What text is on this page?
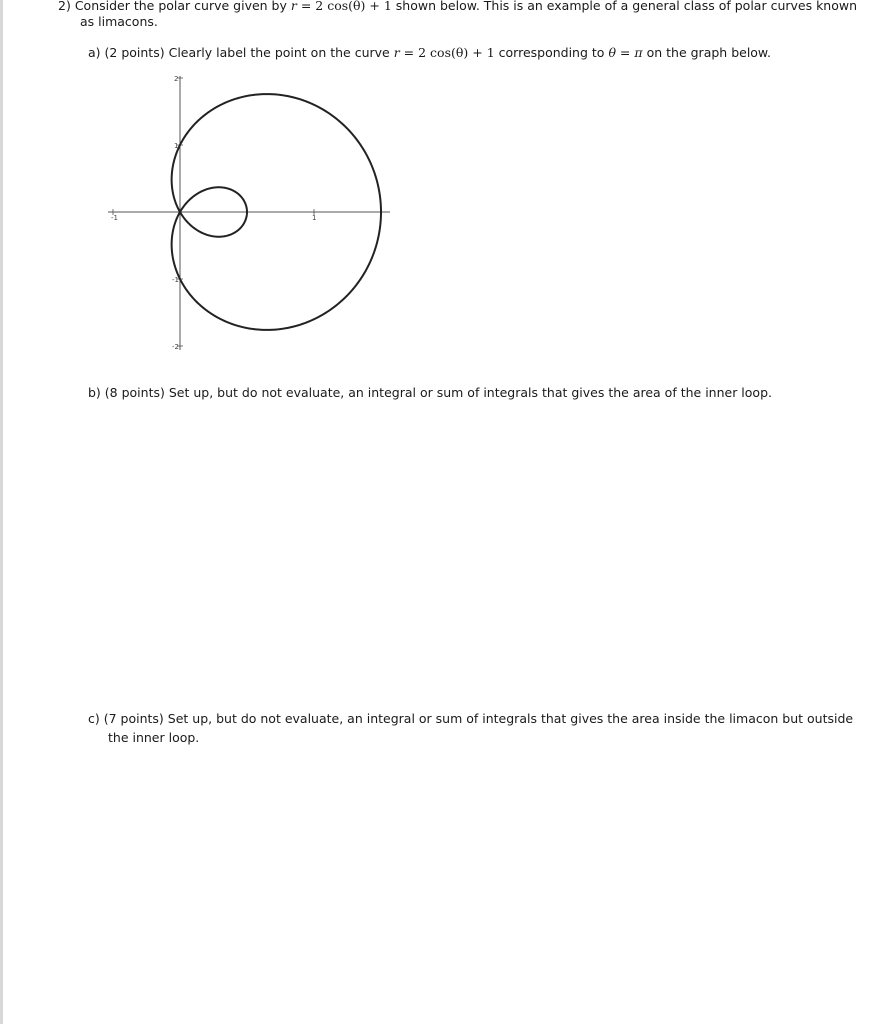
2) Consider the polar curve given by r = 2 cos(θ) + 1 shown below. This is an example of a general class of polar curves known
as limacons.
a) (2 points) Clearly label the point on the curve r = 2 cos(θ) + 1 corresponding to θ = π on the graph below.
-1	1
2
1
-1
-2
b) (8 points) Set up, but do not evaluate, an integral or sum of integrals that gives the area of the inner loop.
c) (7 points) Set up, but do not evaluate, an integral or sum of integrals that gives the area inside the limacon but outside
the inner loop.
